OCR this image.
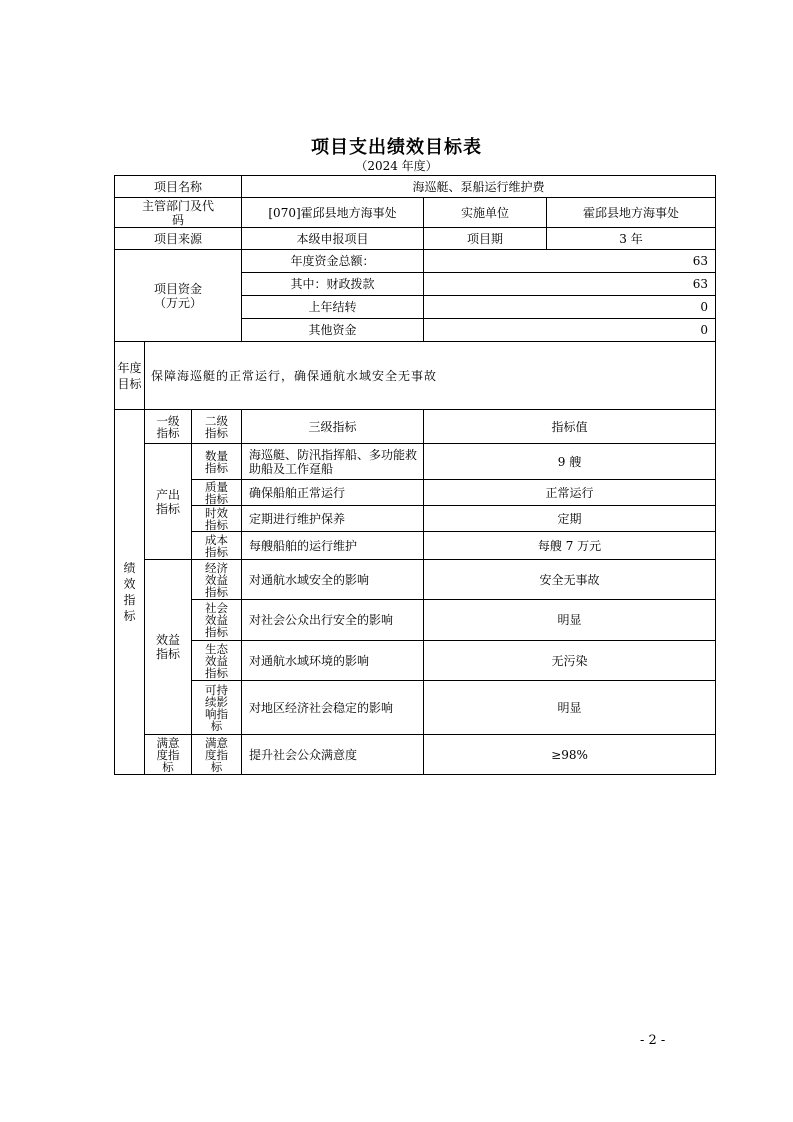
项目支出绩效目标表
（2024 年度）
项目名称			海巡艇、泵船运行维护费		
主管部门及代码			[070]霍邱县地方海事处	实施单位	霍邱县地方海事处
项目来源			本级申报项目	项目期	3 年

项目资金
（万元）			年度资金总额：	63	
			其中：财政拨款	63	
			上年结转	0	
			其他资金	0	
年度目标	保障海巡艇的正常运行，确保通航水域安全无事故				
绩效指标	一级指标	二级指标	三级指标	指标值	
	产出指标	数量指标	海巡艇、防汛指挥船、多功能救助船及工作趸船	9 艘	
		质量指标	确保船舶正常运行	正常运行	
		时效指标	定期进行维护保养	定期	
		成本指标	每艘船舶的运行维护	每艘 7 万元	
	效益指标	经济效益指标	对通航水域安全的影响	安全无事故	
		社会效益指标	对社会公众出行安全的影响	明显	
		生态效益指标	对通航水域环境的影响	无污染	
		可持续影响指标	对地区经济社会稳定的影响	明显	
	满意度指标	满意度指标	提升社会公众满意度	≥98%	
- 2 -
